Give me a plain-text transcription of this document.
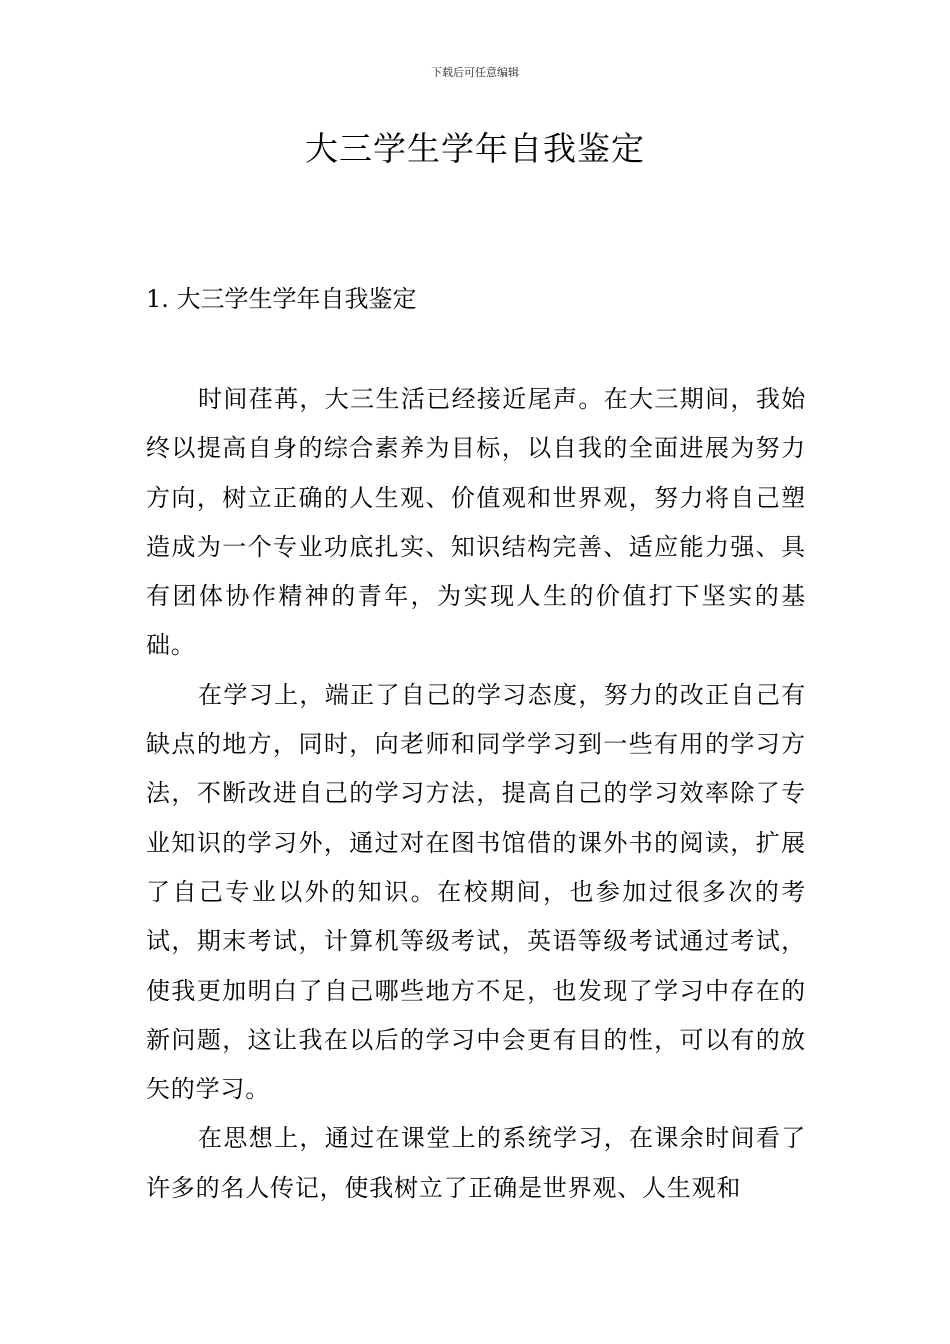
下载后可任意编辑
大三学生学年自我鉴定
1. 大三学生学年自我鉴定

时间荏苒，大三生活已经接近尾声。在大三期间，我始终以提高自身的综合素养为目标，以自我的全面进展为努力方向，树立正确的人生观、价值观和世界观，努力将自己塑造成为一个专业功底扎实、知识结构完善、适应能力强、具有团体协作精神的青年，为实现人生的价值打下坚实的基础。

在学习上，端正了自己的学习态度，努力的改正自己有缺点的地方，同时，向老师和同学学习到一些有用的学习方法，不断改进自己的学习方法，提高自己的学习效率除了专业知识的学习外，通过对在图书馆借的课外书的阅读，扩展了自己专业以外的知识。在校期间，也参加过很多次的考试，期末考试，计算机等级考试，英语等级考试通过考试，使我更加明白了自己哪些地方不足，也发现了学习中存在的新问题，这让我在以后的学习中会更有目的性，可以有的放矢的学习。

在思想上，通过在课堂上的系统学习，在课余时间看了许多的名人传记，使我树立了正确是世界观、人生观和
